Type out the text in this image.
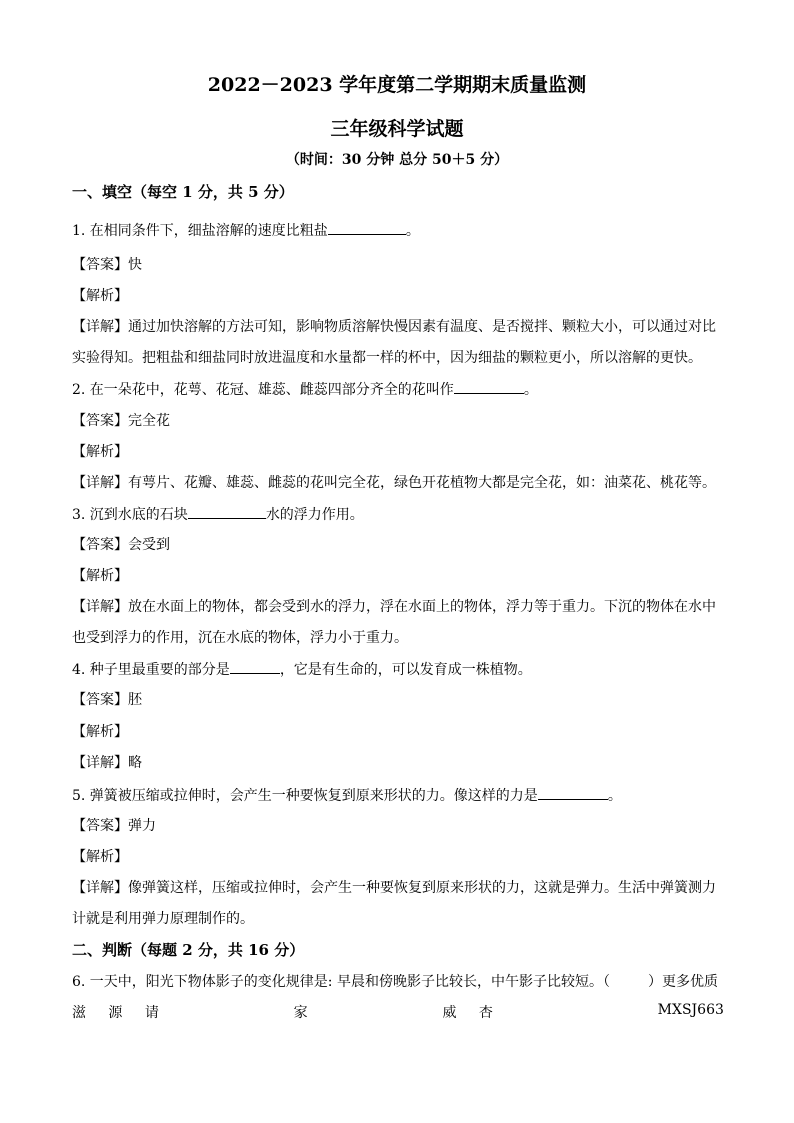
2022－2023 学年度第二学期期末质量监测
三年级科学试题
（时间：30 分钟 总分 50＋5 分）
一、填空（每空 1 分，共 5 分）
1. 在相同条件下，细盐溶解的速度比粗盐	。
【答案】快
【解析】
【详解】通过加快溶解的方法可知，影响物质溶解快慢因素有温度、是否搅拌、颗粒大小，可以通过对比
实验得知。把粗盐和细盐同时放进温度和水量都一样的杯中，因为细盐的颗粒更小，所以溶解的更快。
2. 在一朵花中，花萼、花冠、雄蕊、雌蕊四部分齐全的花叫作	。
【答案】完全花
【解析】
【详解】有萼片、花瓣、雄蕊、雌蕊的花叫完全花，绿色开花植物大都是完全花，如：油菜花、桃花等。
3. 沉到水底的石块	水的浮力作用。
【答案】会受到
【解析】
【详解】放在水面上的物体，都会受到水的浮力，浮在水面上的物体，浮力等于重力。下沉的物体在水中
也受到浮力的作用，沉在水底的物体，浮力小于重力。
4. 种子里最重要的部分是	，它是有生命的，可以发育成一株植物。
【答案】胚
【解析】
【详解】略
5. 弹簧被压缩或拉伸时，会产生一种要恢复到原来形状的力。像这样的力是	。
【答案】弹力
【解析】
【详解】像弹簧这样，压缩或拉伸时，会产生一种要恢复到原来形状的力，这就是弹力。生活中弹簧测力
计就是利用弹力原理制作的。
二、判断（每题 2 分，共 16 分）
6. 一天中，阳光下物体影子的变化规律是: 早晨和傍晚影子比较长，中午影子比较短。（	）更多优质
滋 源 请	家	威 杏	MXSJ663
